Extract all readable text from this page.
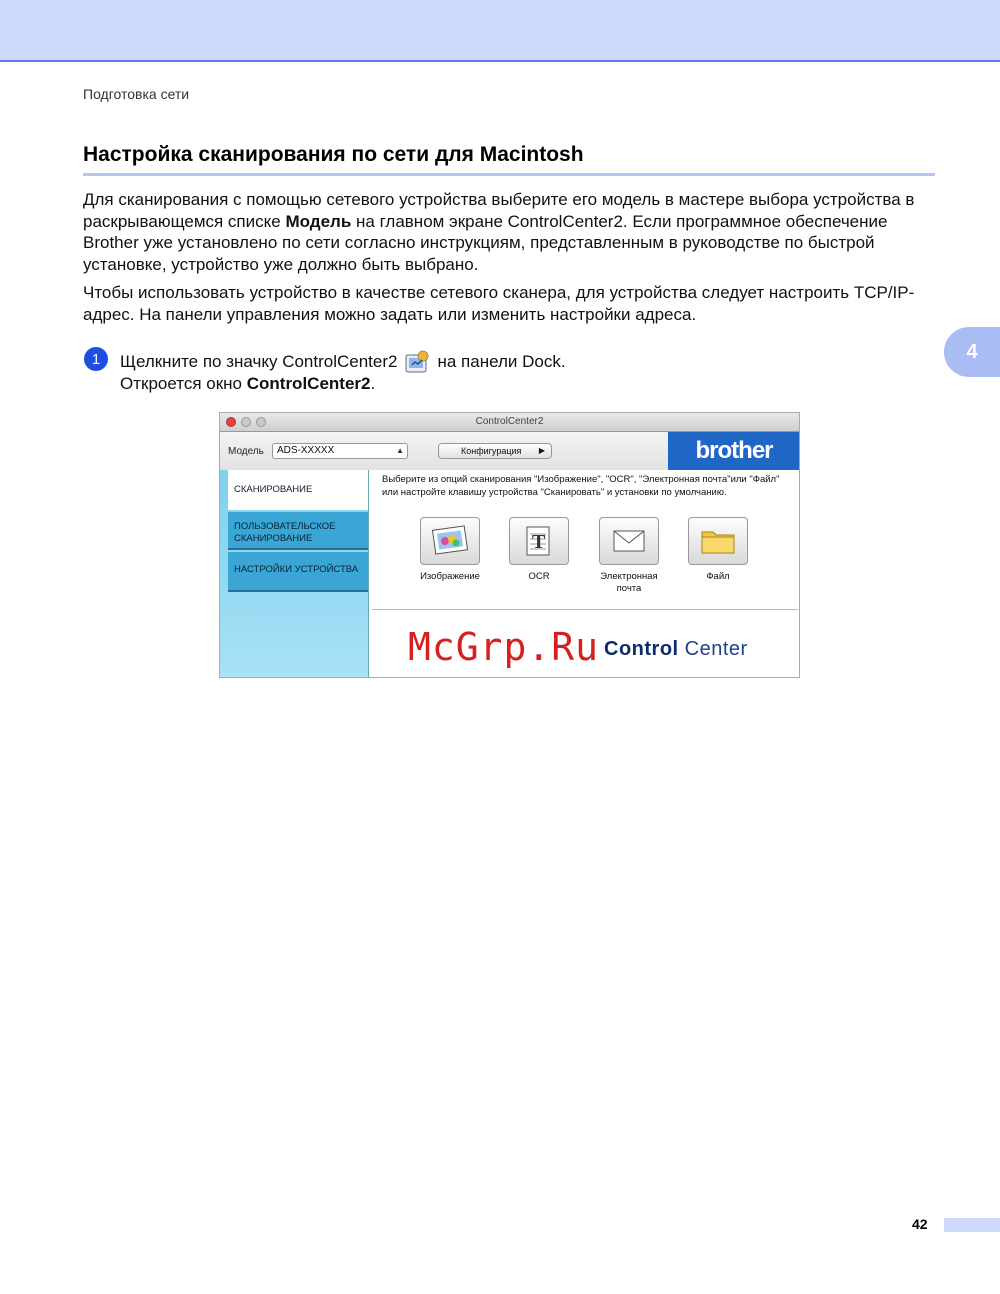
Подготовка сети
Настройка сканирования по сети для Macintosh
Для сканирования с помощью сетевого устройства выберите его модель в мастере выбора устройства в раскрывающемся списке Модель на главном экране ControlCenter2. Если программное обеспечение Brother уже установлено по сети согласно инструкциям, представленным в руководстве по быстрой установке, устройство уже должно быть выбрано.
Чтобы использовать устройство в качестве сетевого сканера, для устройства следует настроить TCP/IP-адрес. На панели управления можно задать или изменить настройки адреса.
4
1	Щелкните по значку ControlCenter2 на панели Dock.
Откроется окно ControlCenter2.
ControlCenter2
Модель	ADS-XXXXX	▲	Конфигурация ▶	brother
СКАНИРОВАНИЕ
ПОЛЬЗОВАТЕЛЬСКОЕ
СКАНИРОВАНИЕ
НАСТРОЙКИ УСТРОЙСТВА
Выберите из опций сканирования "Изображение", "OCR", "Электронная почта"или "Файл" или настройте клавишу устройства "Сканировать" и установки по умолчанию.
Изображение
T
OCR	Электронная
почта
Файл
Control Center
McGrp.Ru
42
